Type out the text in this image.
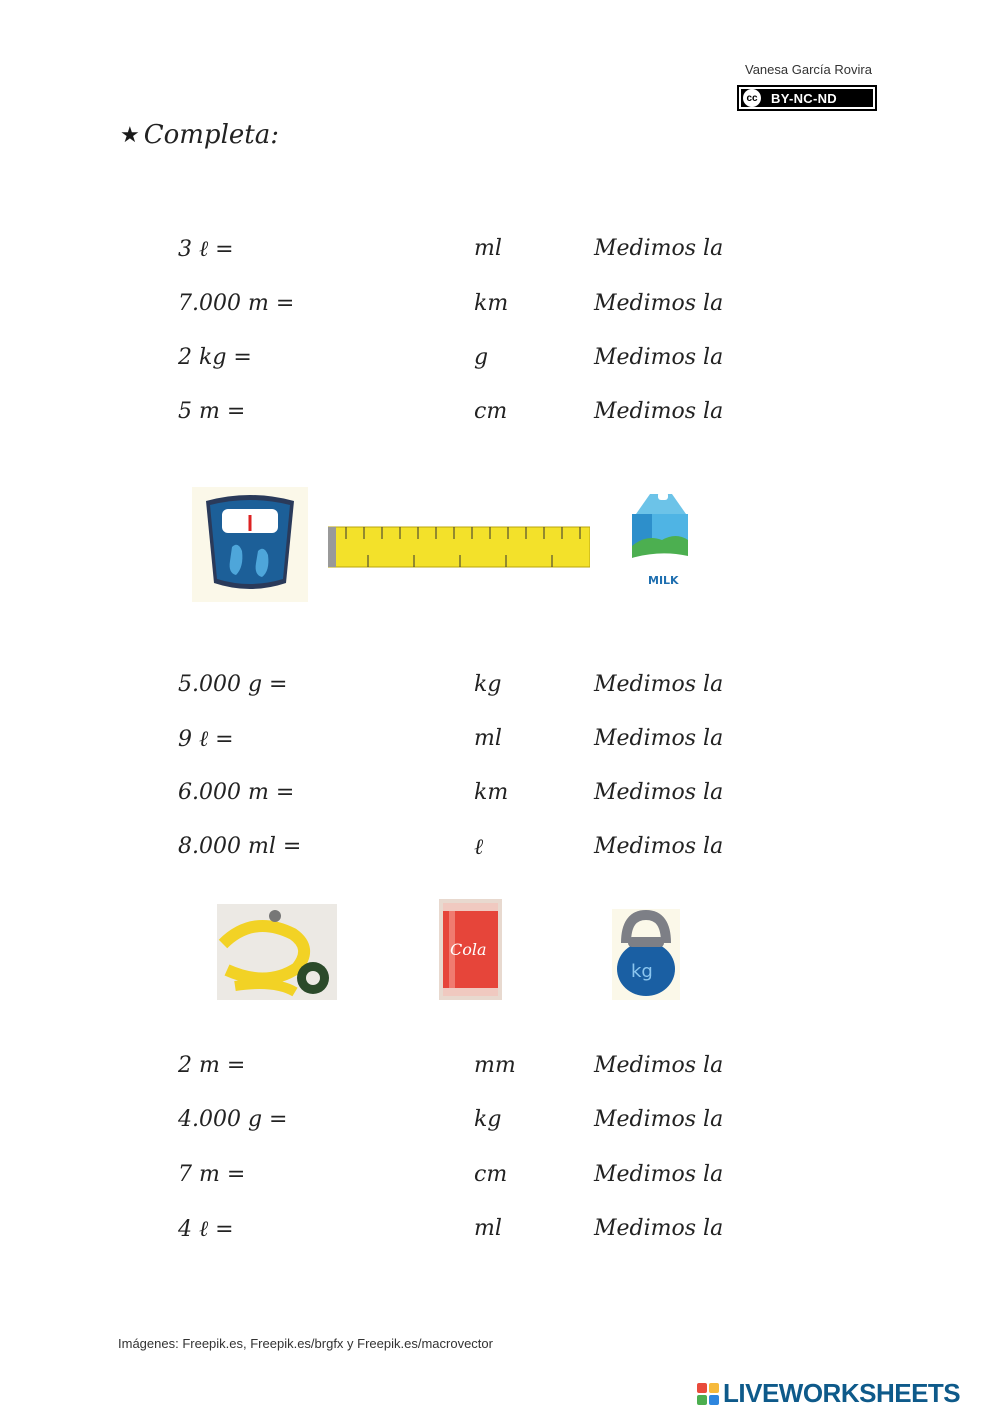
Vanesa García Rovira
cc BY-NC-ND
★ Completa:
3 ℓ =	ml	Medimos la
7.000 m =	km	Medimos la
2 kg =	g	Medimos la
5 m =	cm	Medimos la
MILK
5.000 g =	kg	Medimos la
9 ℓ =	ml	Medimos la
6.000 m =	km	Medimos la
8.000 ml =	ℓ	Medimos la
Cola
kg
2 m =	mm	Medimos la
4.000 g =	kg	Medimos la
7 m =	cm	Medimos la
4 ℓ =	ml	Medimos la
Imágenes: Freepik.es, Freepik.es/brgfx y Freepik.es/macrovector
LIVEWORKSHEETS
